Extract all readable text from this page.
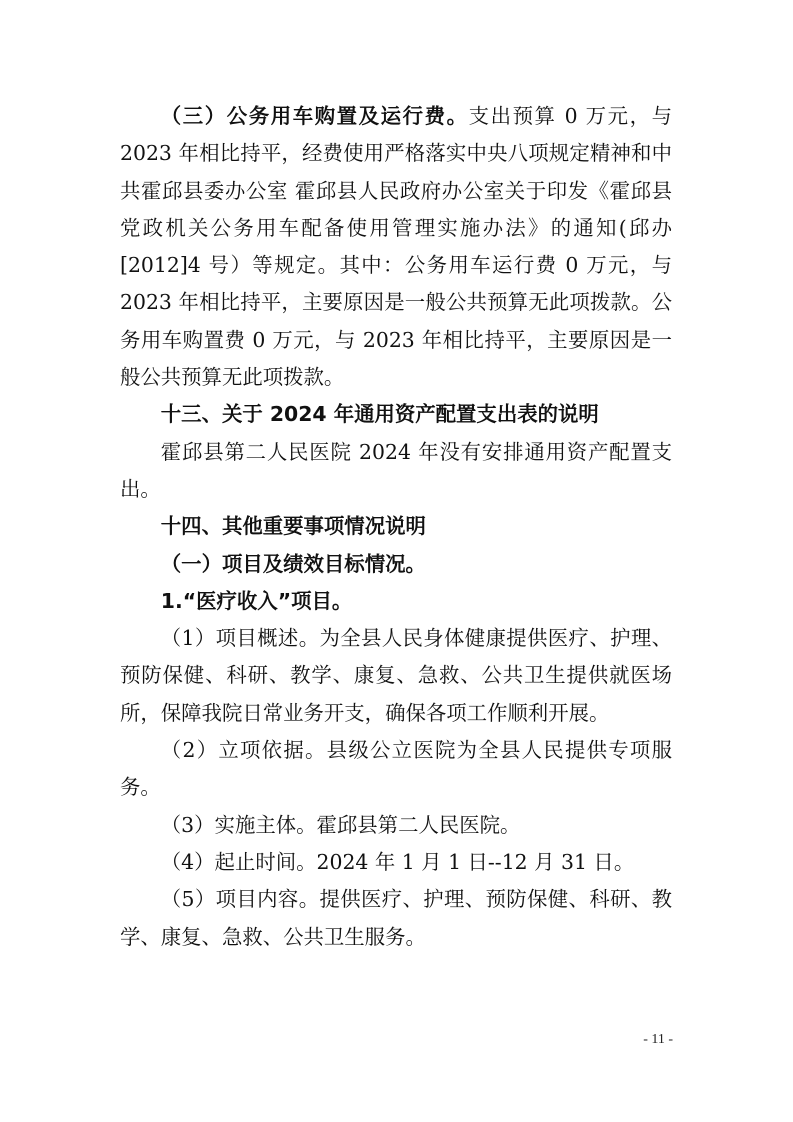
（三）公务用车购置及运行费。支出预算 0 万元，与 2023 年相比持平，经费使用严格落实中央八项规定精神和中共霍邱县委办公室 霍邱县人民政府办公室关于印发《霍邱县党政机关公务用车配备使用管理实施办法》的通知(邱办[2012]4 号）等规定。其中：公务用车运行费 0 万元，与 2023 年相比持平，主要原因是一般公共预算无此项拨款。公务用车购置费 0 万元，与 2023 年相比持平，主要原因是一般公共预算无此项拨款。

十三、关于 2024 年通用资产配置支出表的说明

霍邱县第二人民医院 2024 年没有安排通用资产配置支出。

十四、其他重要事项情况说明

（一）项目及绩效目标情况。

1.“医疗收入”项目。

（1）项目概述。为全县人民身体健康提供医疗、护理、预防保健、科研、教学、康复、急救、公共卫生提供就医场所，保障我院日常业务开支，确保各项工作顺利开展。

（2）立项依据。县级公立医院为全县人民提供专项服务。

（3）实施主体。霍邱县第二人民医院。

（4）起止时间。2024 年 1 月 1 日--12 月 31 日。

（5）项目内容。提供医疗、护理、预防保健、科研、教学、康复、急救、公共卫生服务。

- 11 -
